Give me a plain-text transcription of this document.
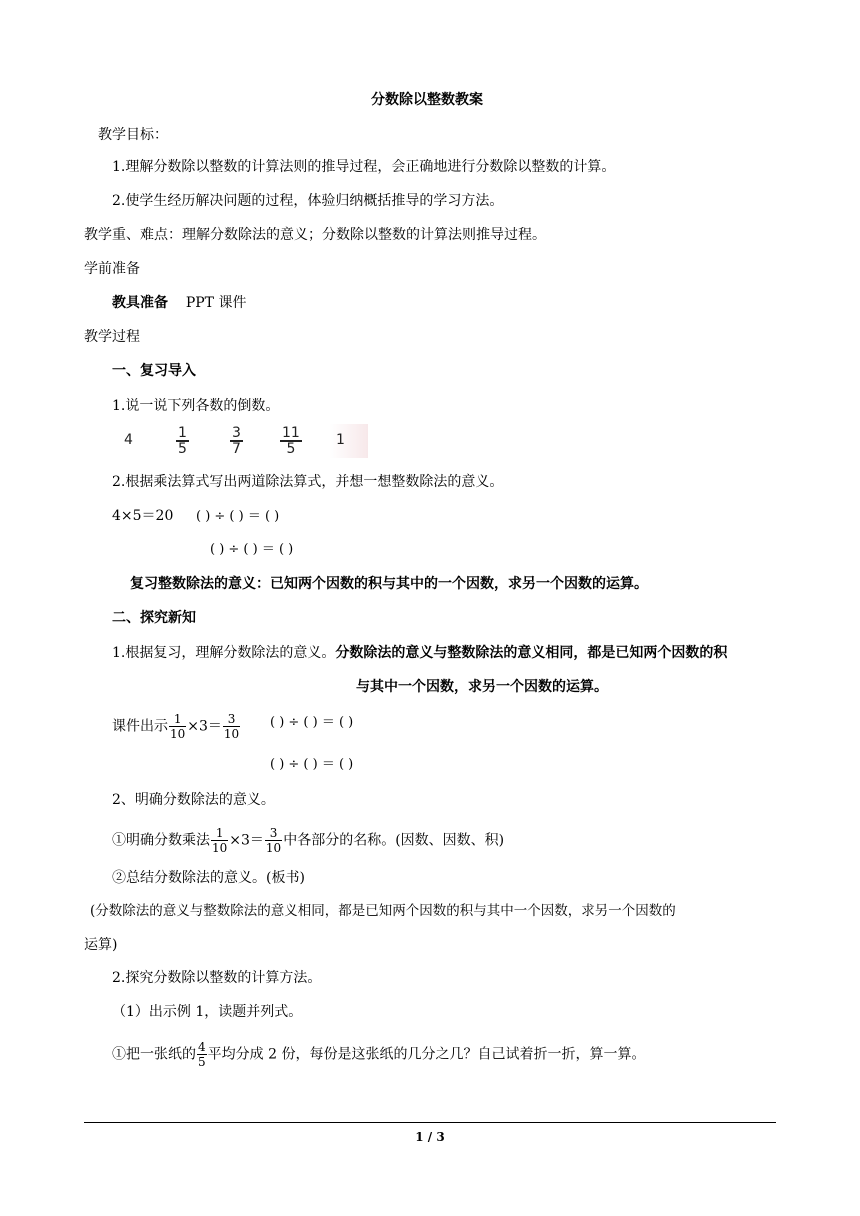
分数除以整数教案
教学目标：
1.理解分数除以整数的计算法则的推导过程，会正确地进行分数除以整数的计算。
2.使学生经历解决问题的过程，体验归纳概括推导的学习方法。
教学重、难点：理解分数除法的意义；分数除以整数的计算法则推导过程。
学前准备
教具准备 PPT 课件
教学过程
一、复习导入
1.说一说下列各数的倒数。
4	$\frac{1}{5}$	$\frac{3}{7}$	$\frac{11}{5} 1$
2.根据乘法算式写出两道除法算式，并想一想整数除法的意义。
4×5＝20 ( ) ÷ ( ) ＝ ( )
( ) ÷ ( ) ＝ ( )
复习整数除法的意义：已知两个因数的积与其中的一个因数，求另一个因数的运算。
二、探究新知
1.根据复习，理解分数除法的意义。分数除法的意义与整数除法的意义相同，都是已知两个因数的积
与其中一个因数，求另一个因数的运算。
课件出示 $\frac{1}{10} \times 3= \frac{3}{10}$ ( ) ÷ ( ) ＝ ( )
( ) ÷ ( ) ＝ ( )
2、明确分数除法的意义。
①明确分数乘法 $\frac{1}{10} \times 3= \frac{3}{10}$ 中各部分的名称。(因数、因数、积)
②总结分数除法的意义。(板书)
(分数除法的意义与整数除法的意义相同，都是已知两个因数的积与其中一个因数，求另一个因数的
运算)
2.探究分数除以整数的计算方法。
（1）出示例 1，读题并列式。
①把一张纸的 $\frac{4}{5}$ 平均分成 2 份，每份是这张纸的几分之几？自己试着折一折，算一算。
1 / 3
